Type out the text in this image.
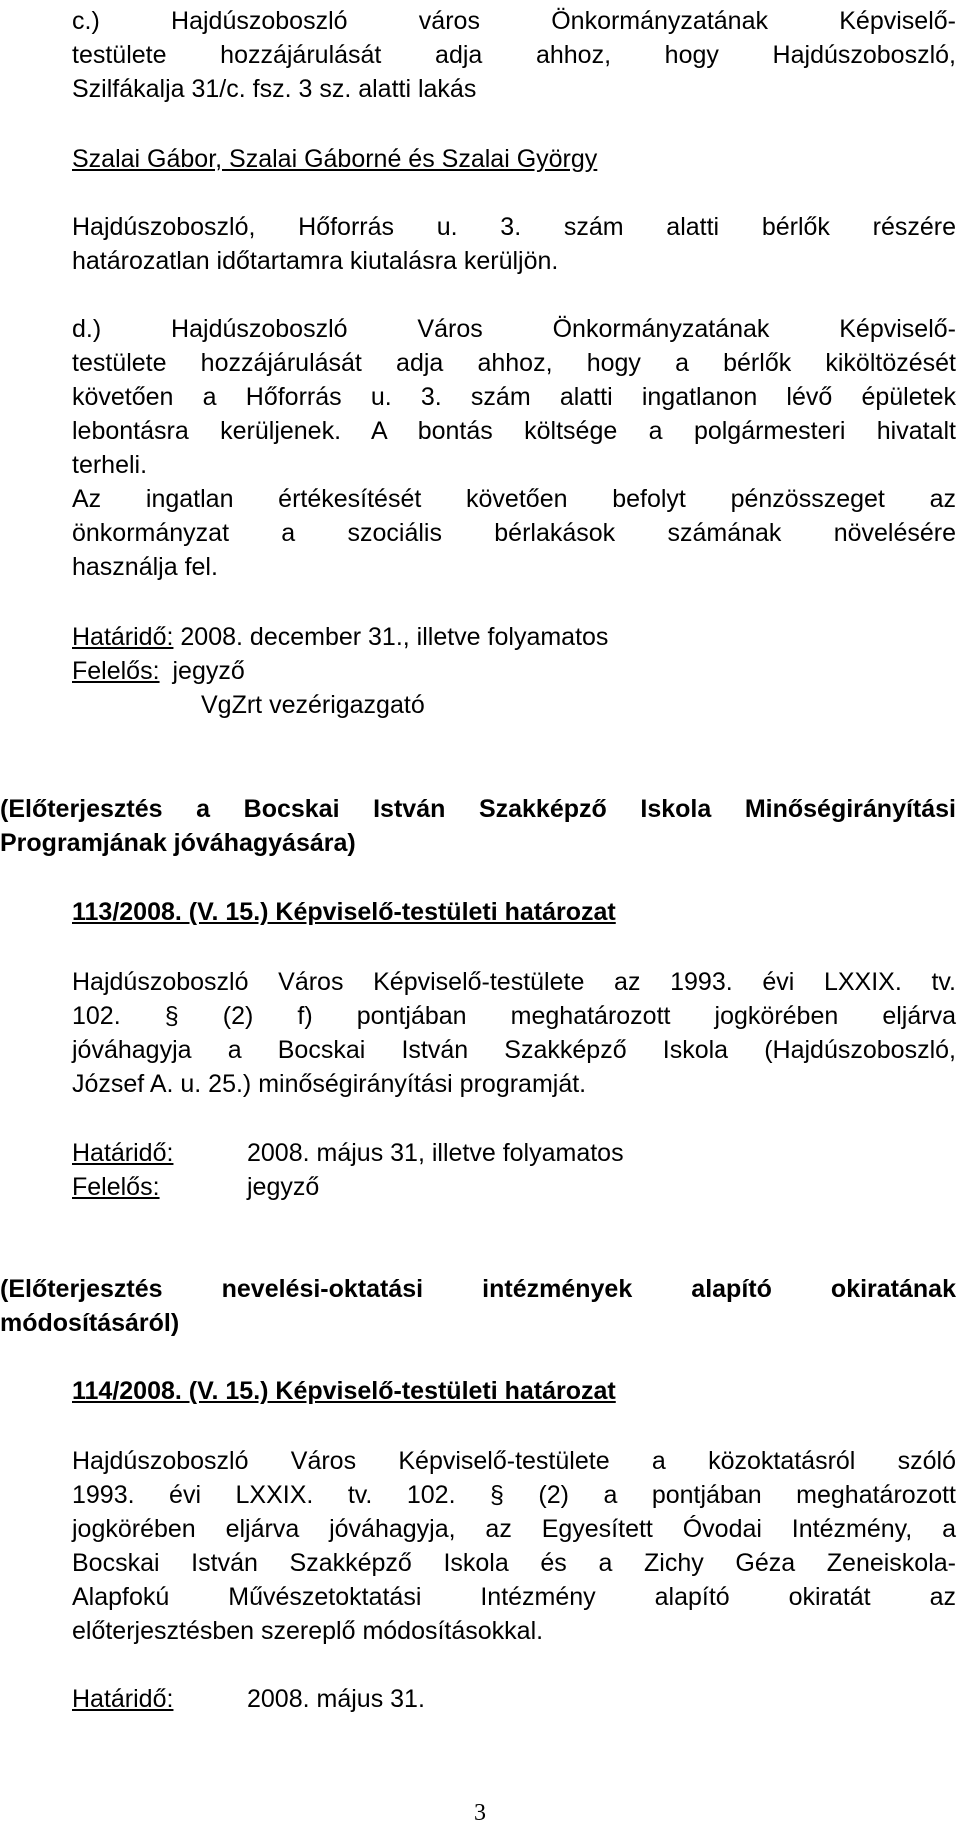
c.) Hajdúszoboszló város Önkormányzatának Képviselő-
testülete hozzájárulását adja ahhoz, hogy Hajdúszoboszló,
Szilfákalja 31/c. fsz. 3 sz. alatti lakás
Szalai Gábor, Szalai Gáborné és Szalai György
Hajdúszoboszló, Hőforrás u. 3. szám alatti bérlők részére
határozatlan időtartamra kiutalásra kerüljön.
d.) Hajdúszoboszló Város Önkormányzatának Képviselő-
testülete hozzájárulását adja ahhoz, hogy a bérlők kiköltözését
követően a Hőforrás u. 3. szám alatti ingatlanon lévő épületek
lebontásra kerüljenek. A bontás költsége a polgármesteri hivatalt
terheli.
Az ingatlan értékesítését követően befolyt pénzösszeget az
önkormányzat a szociális bérlakások számának növelésére
használja fel.
Határidő: 2008. december 31., illetve folyamatos
Felelős: jegyző
VgZrt vezérigazgató
(Előterjesztés a Bocskai István Szakképző Iskola Minőségirányítási
Programjának jóváhagyására)
113/2008. (V. 15.) Képviselő-testületi határozat
Hajdúszoboszló Város Képviselő-testülete az 1993. évi LXXIX. tv.
102. § (2) f) pontjában meghatározott jogkörében eljárva
jóváhagyja a Bocskai István Szakképző Iskola (Hajdúszoboszló,
József A. u. 25.) minőségirányítási programját.
Határidő:	2008. május 31, illetve folyamatos
Felelős:	jegyző
(Előterjesztés nevelési-oktatási intézmények alapító okiratának
módosításáról)
114/2008. (V. 15.) Képviselő-testületi határozat
Hajdúszoboszló Város Képviselő-testülete a közoktatásról szóló
1993. évi LXXIX. tv. 102. § (2) a pontjában meghatározott
jogkörében eljárva jóváhagyja, az Egyesített Óvodai Intézmény, a
Bocskai István Szakképző Iskola és a Zichy Géza Zeneiskola-
Alapfokú Művészetoktatási Intézmény alapító okiratát az
előterjesztésben szereplő módosításokkal.
Határidő:	2008. május 31.
3
